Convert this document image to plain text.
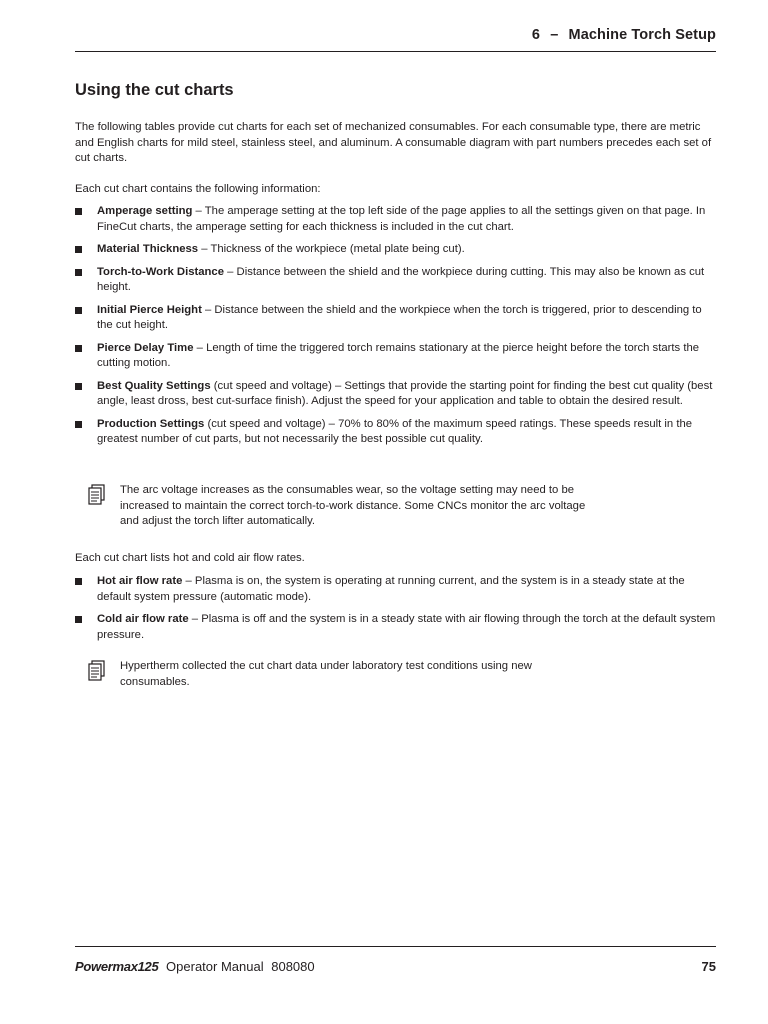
6 – Machine Torch Setup
Using the cut charts

The following tables provide cut charts for each set of mechanized consumables. For each consumable type, there are metric and English charts for mild steel, stainless steel, and aluminum. A consumable diagram with part numbers precedes each set of cut charts.

Each cut chart contains the following information:

Amperage setting – The amperage setting at the top left side of the page applies to all the settings given on that page. In FineCut charts, the amperage setting for each thickness is included in the cut chart.
Material Thickness – Thickness of the workpiece (metal plate being cut).
Torch-to-Work Distance – Distance between the shield and the workpiece during cutting. This may also be known as cut height.
Initial Pierce Height – Distance between the shield and the workpiece when the torch is triggered, prior to descending to the cut height.
Pierce Delay Time – Length of time the triggered torch remains stationary at the pierce height before the torch starts the cutting motion.
Best Quality Settings (cut speed and voltage) – Settings that provide the starting point for finding the best cut quality (best angle, least dross, best cut-surface finish). Adjust the speed for your application and table to obtain the desired result.
Production Settings (cut speed and voltage) – 70% to 80% of the maximum speed ratings. These speeds result in the greatest number of cut parts, but not necessarily the best possible cut quality.

The arc voltage increases as the consumables wear, so the voltage setting may need to be increased to maintain the correct torch-to-work distance. Some CNCs monitor the arc voltage and adjust the torch lifter automatically.

Each cut chart lists hot and cold air flow rates.

Hot air flow rate – Plasma is on, the system is operating at running current, and the system is in a steady state at the default system pressure (automatic mode).
Cold air flow rate – Plasma is off and the system is in a steady state with air flowing through the torch at the default system pressure.

Hypertherm collected the cut chart data under laboratory test conditions using new consumables.

Powermax125 Operator Manual 808080	75
